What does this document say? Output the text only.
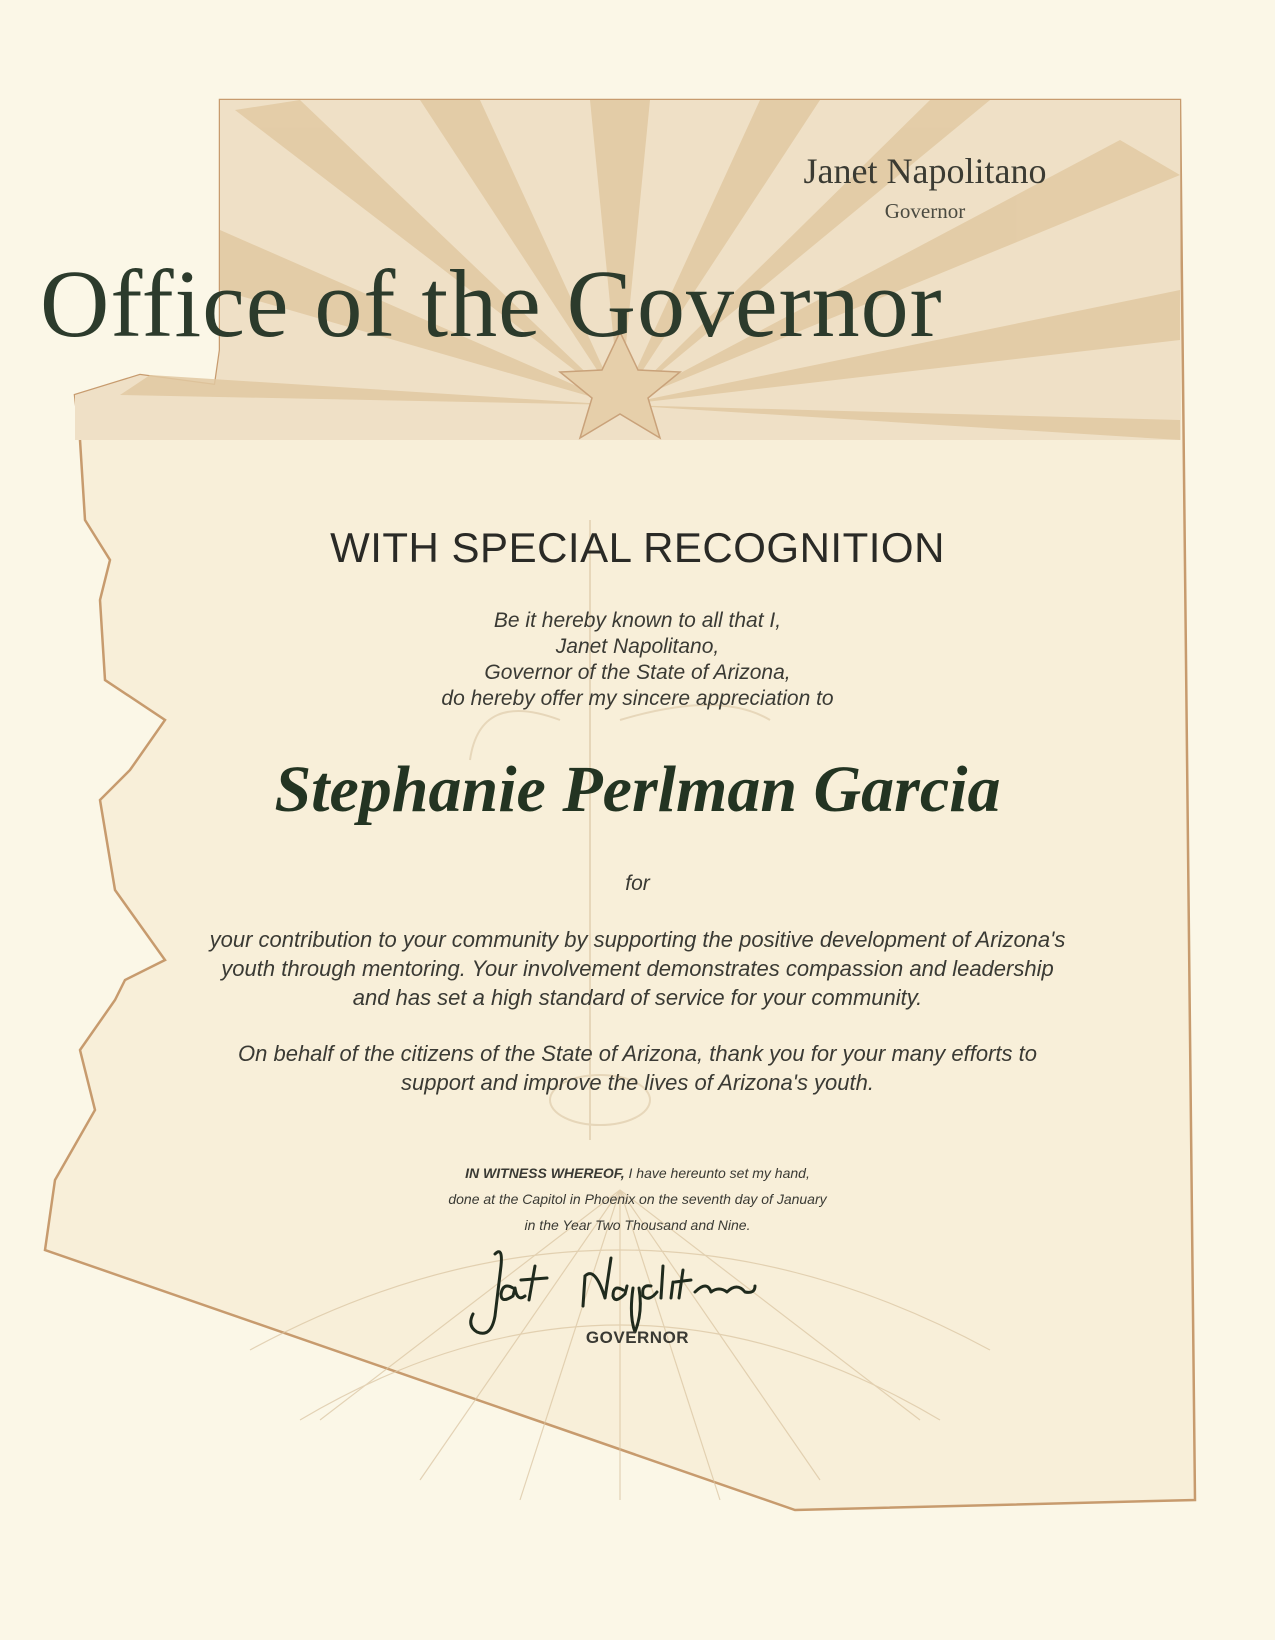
Janet Napolitano
Governor
Office of the Governor
WITH SPECIAL RECOGNITION
Be it hereby known to all that I,
Janet Napolitano,
Governor of the State of Arizona,
do hereby offer my sincere appreciation to
Stephanie Perlman Garcia
for
your contribution to your community by supporting the positive development of Arizona's
youth through mentoring. Your involvement demonstrates compassion and leadership
and has set a high standard of service for your community.
On behalf of the citizens of the State of Arizona, thank you for your many efforts to
support and improve the lives of Arizona's youth.
IN WITNESS WHEREOF, I have hereunto set my hand,
done at the Capitol in Phoenix on the seventh day of January
in the Year Two Thousand and Nine.
GOVERNOR
